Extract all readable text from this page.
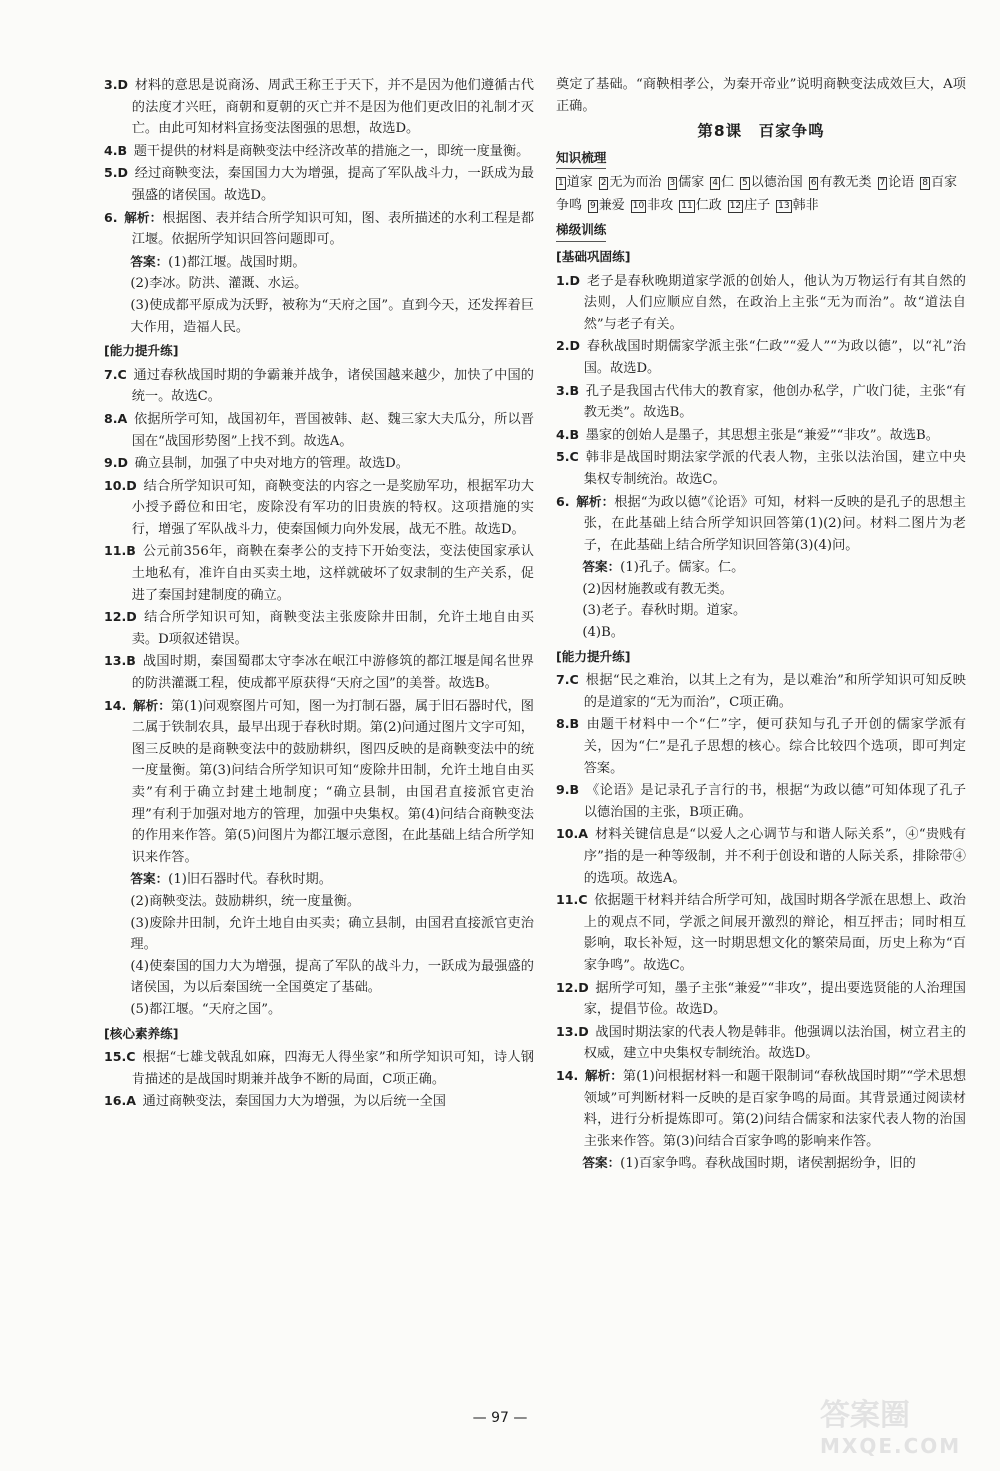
3.D  材料的意思是说商汤、周武王称王于天下，并不是因为他们遵循古代的法度才兴旺，商朝和夏朝的灭亡并不是因为他们更改旧的礼制才灭亡。由此可知材料宣扬变法图强的思想，故选D。

4.B  题干提供的材料是商鞅变法中经济改革的措施之一，即统一度量衡。

5.D  经过商鞅变法，秦国国力大为增强，提高了军队战斗力，一跃成为最强盛的诸侯国。故选D。

6.  解析：根据图、表并结合所学知识可知，图、表所描述的水利工程是都江堰。依据所学知识回答问题即可。

答案：(1)都江堰。战国时期。

(2)李冰。防洪、灌溉、水运。

(3)使成都平原成为沃野，被称为“天府之国”。直到今天，还发挥着巨大作用，造福人民。

[能力提升练]

7.C  通过春秋战国时期的争霸兼并战争，诸侯国越来越少，加快了中国的统一。故选C。

8.A  依据所学可知，战国初年，晋国被韩、赵、魏三家大夫瓜分，所以晋国在“战国形势图”上找不到。故选A。

9.D  确立县制，加强了中央对地方的管理。故选D。

10.D  结合所学知识可知，商鞅变法的内容之一是奖励军功，根据军功大小授予爵位和田宅，废除没有军功的旧贵族的特权。这项措施的实行，增强了军队战斗力，使秦国倾力向外发展，战无不胜。故选D。

11.B  公元前356年，商鞅在秦孝公的支持下开始变法，变法使国家承认土地私有，准许自由买卖土地，这样就破坏了奴隶制的生产关系，促进了秦国封建制度的确立。

12.D  结合所学知识可知，商鞅变法主张废除井田制，允许土地自由买卖。D项叙述错误。

13.B  战国时期，秦国蜀郡太守李冰在岷江中游修筑的都江堰是闻名世界的防洪灌溉工程，使成都平原获得“天府之国”的美誉。故选B。

14.  解析：第(1)问观察图片可知，图一为打制石器，属于旧石器时代，图二属于铁制农具，最早出现于春秋时期。第(2)问通过图片文字可知，图三反映的是商鞅变法中的鼓励耕织，图四反映的是商鞅变法中的统一度量衡。第(3)问结合所学知识可知“废除井田制，允许土地自由买卖”有利于确立封建土地制度；“确立县制，由国君直接派官吏治理”有利于加强对地方的管理，加强中央集权。第(4)问结合商鞅变法的作用来作答。第(5)问图片为都江堰示意图，在此基础上结合所学知识来作答。

答案：(1)旧石器时代。春秋时期。

(2)商鞅变法。鼓励耕织，统一度量衡。

(3)废除井田制，允许土地自由买卖；确立县制，由国君直接派官吏治理。

(4)使秦国的国力大为增强，提高了军队的战斗力，一跃成为最强盛的诸侯国，为以后秦国统一全国奠定了基础。

(5)都江堰。“天府之国”。

[核心素养练]

15.C  根据“七雄戈戟乱如麻，四海无人得坐家”和所学知识可知，诗人钢肯描述的是战国时期兼并战争不断的局面，C项正确。

16.A  通过商鞅变法，秦国国力大为增强，为以后统一全国

奠定了基础。“商鞅相孝公，为秦开帝业”说明商鞅变法成效巨大，A项正确。

第8课　百家争鸣
知识梳理
1 道家 2 无为而治 3 儒家 4 仁 5 以德治国 6 有教无类 7 论语 8 百家争鸣 9 兼爱 10 非攻 11 仁政 12 庄子 13 韩非
梯级训练

[基础巩固练]

1.D  老子是春秋晚期道家学派的创始人，他认为万物运行有其自然的法则，人们应顺应自然，在政治上主张“无为而治”。故“道法自然”与老子有关。

2.D  春秋战国时期儒家学派主张“仁政”“爱人”“为政以德”，以“礼”治国。故选D。

3.B  孔子是我国古代伟大的教育家，他创办私学，广收门徒，主张“有教无类”。故选B。

4.B  墨家的创始人是墨子，其思想主张是“兼爱”“非攻”。故选B。

5.C  韩非是战国时期法家学派的代表人物，主张以法治国，建立中央集权专制统治。故选C。

6.  解析：根据“为政以德”《论语》可知，材料一反映的是孔子的思想主张，在此基础上结合所学知识回答第(1)(2)问。材料二图片为老子，在此基础上结合所学知识回答第(3)(4)问。

答案：(1)孔子。儒家。仁。

(2)因材施教或有教无类。

(3)老子。春秋时期。道家。

(4)B。

[能力提升练]

7.C  根据“民之难治，以其上之有为，是以难治”和所学知识可知反映的是道家的“无为而治”，C项正确。

8.B  由题干材料中一个“仁”字，便可获知与孔子开创的儒家学派有关，因为“仁”是孔子思想的核心。综合比较四个选项，即可判定答案。

9.B  《论语》是记录孔子言行的书，根据“为政以德”可知体现了孔子以德治国的主张，B项正确。

10.A  材料关键信息是“以爱人之心调节与和谐人际关系”，④“贵贱有序”指的是一种等级制，并不利于创设和谐的人际关系，排除带④的选项。故选A。

11.C  依据题干材料并结合所学可知，战国时期各学派在思想上、政治上的观点不同，学派之间展开激烈的辩论，相互抨击；同时相互影响，取长补短，这一时期思想文化的繁荣局面，历史上称为“百家争鸣”。故选C。

12.D  据所学可知，墨子主张“兼爱”“非攻”，提出要选贤能的人治理国家，提倡节俭。故选D。

13.D  战国时期法家的代表人物是韩非。他强调以法治国，树立君主的权威，建立中央集权专制统治。故选D。

14.  解析：第(1)问根据材料一和题干限制词“春秋战国时期”“学术思想领域”可判断材料一反映的是百家争鸣的局面。其背景通过阅读材料，进行分析提炼即可。第(2)问结合儒家和法家代表人物的治国主张来作答。第(3)问结合百家争鸣的影响来作答。

答案：(1)百家争鸣。春秋战国时期，诸侯割据纷争，旧的

— 97 —	答案圈
MXQE.COM
